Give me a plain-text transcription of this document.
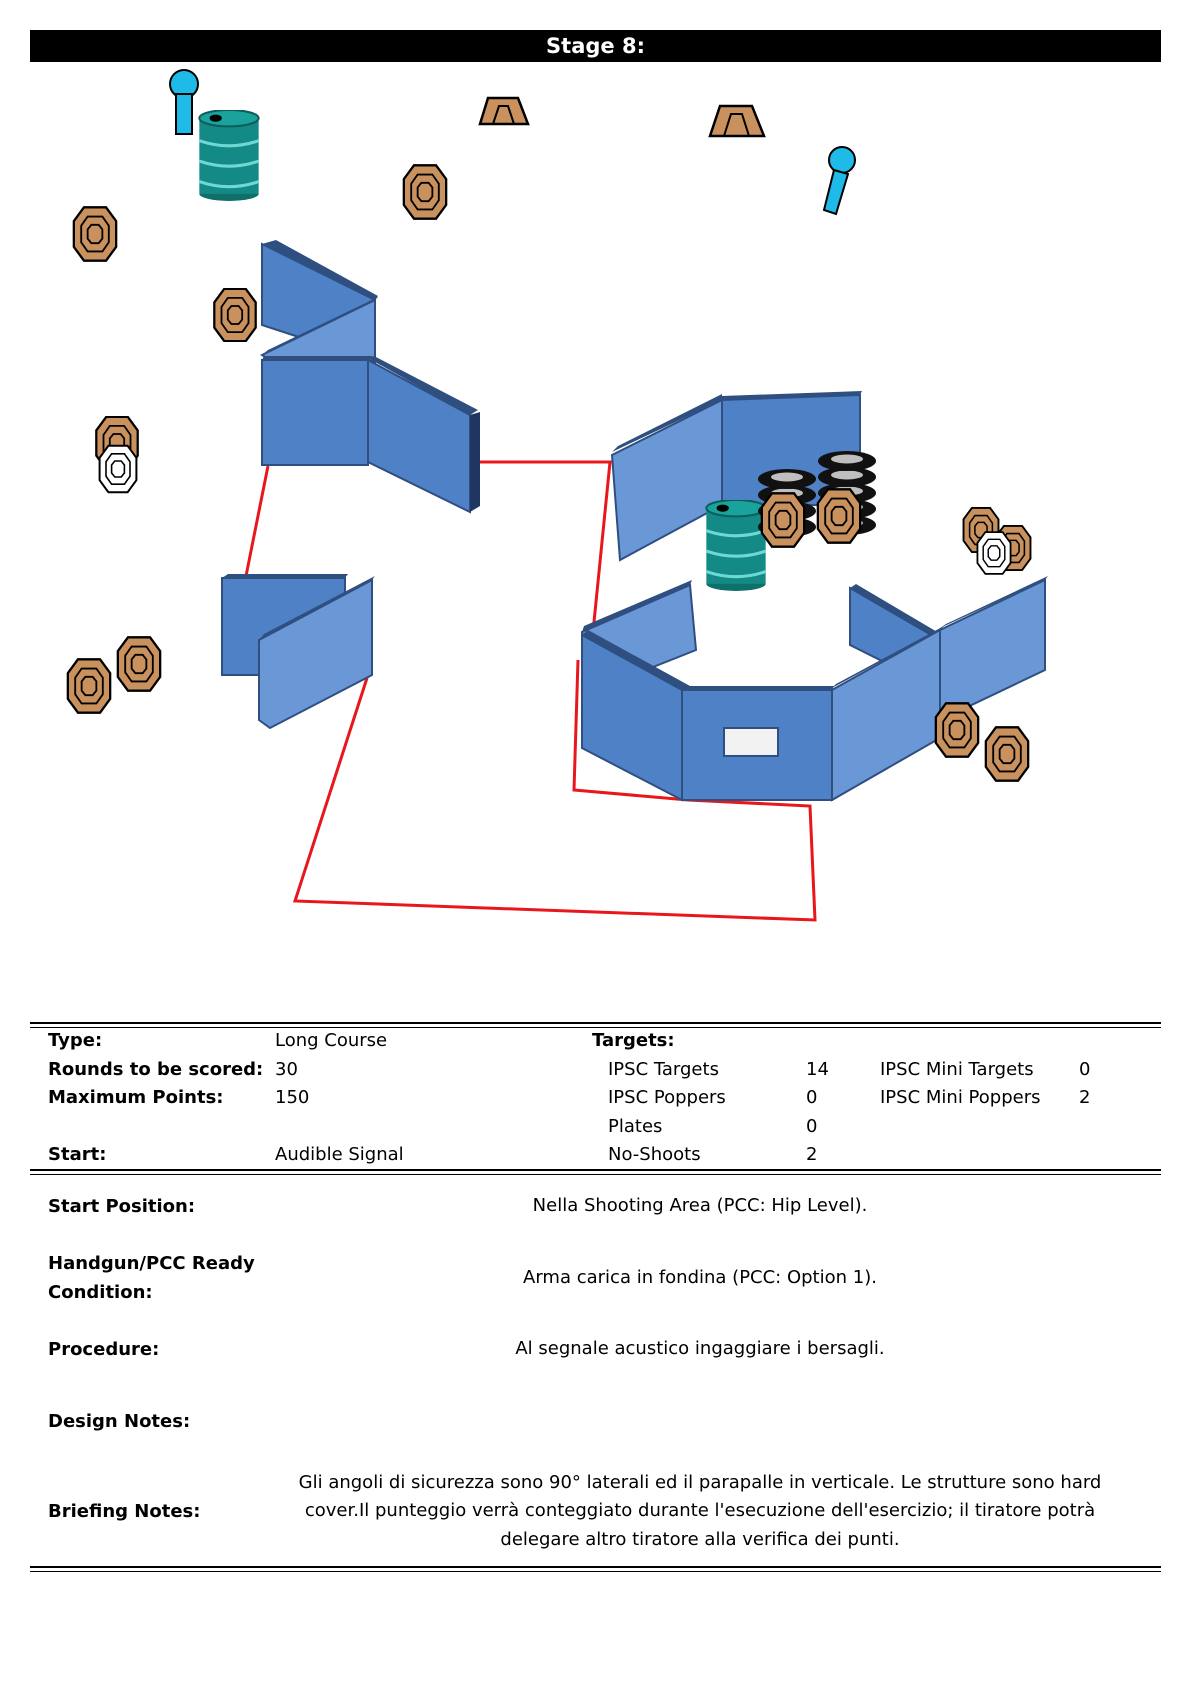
Stage 8:
Type:	Long Course
Rounds to be scored: 30
Maximum Points:	150
Start:	Audible Signal
Targets:
IPSC Targets	14
IPSC Poppers	0
Plates	0
No-Shoots	2
IPSC Mini Targets	0
IPSC Mini Poppers 2
Start Position:	Nella Shooting Area (PCC: Hip Level).
Handgun/PCC Ready
Condition:
Arma carica in fondina (PCC: Option 1).
Procedure:	Al segnale acustico ingaggiare i bersagli.
Design Notes:
Briefing Notes:
Gli angoli di sicurezza sono 90° laterali ed il parapalle in verticale. Le strutture sono hard
cover.Il punteggio verrà conteggiato durante l'esecuzione dell'esercizio; il tiratore potrà
delegare altro tiratore alla verifica dei punti.
